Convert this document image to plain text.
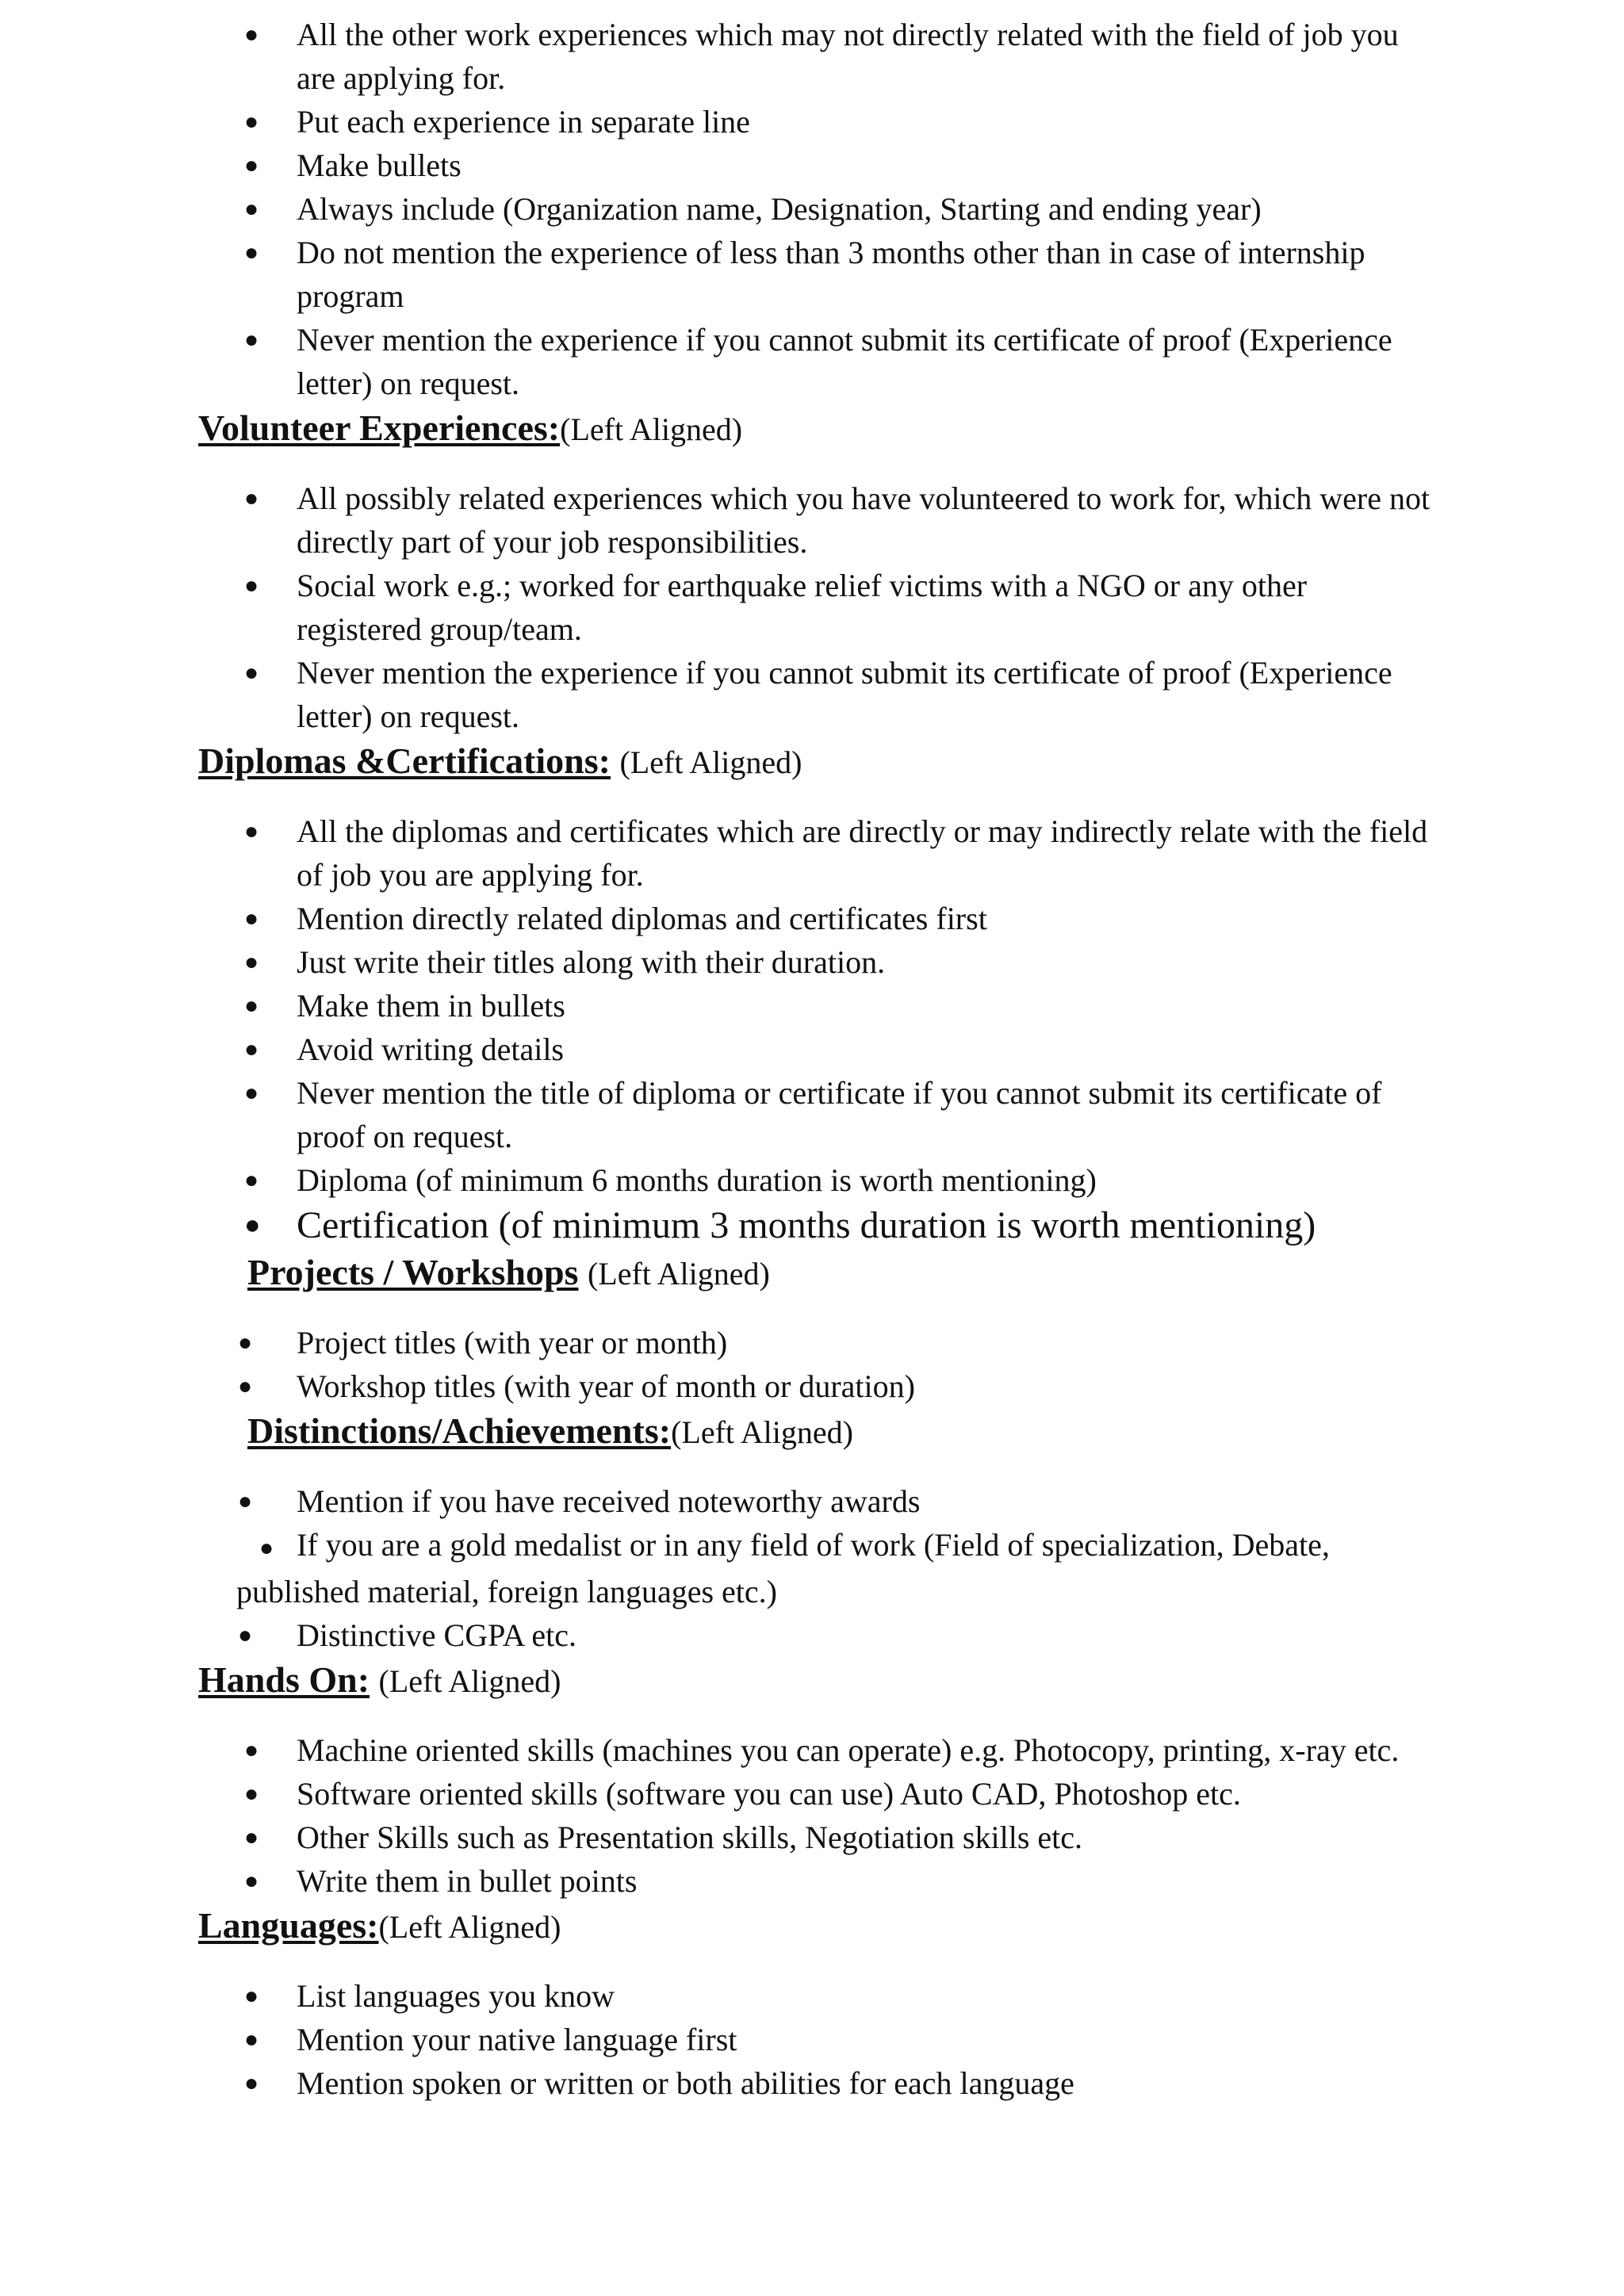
● All the other work experiences which may not directly related with the field of job you are applying for.
● Put each experience in separate line
● Make bullets
● Always include (Organization name, Designation, Starting and ending year)
● Do not mention the experience of less than 3 months other than in case of internship program
● Never mention the experience if you cannot submit its certificate of proof (Experience letter) on request.
Volunteer Experiences:(Left Aligned)
● All possibly related experiences which you have volunteered to work for, which were not directly part of your job responsibilities.
● Social work e.g.; worked for earthquake relief victims with a NGO or any other registered group/team.
● Never mention the experience if you cannot submit its certificate of proof (Experience letter) on request.
Diplomas &Certifications: (Left Aligned)
● All the diplomas and certificates which are directly or may indirectly relate with the field of job you are applying for.
● Mention directly related diplomas and certificates first
● Just write their titles along with their duration.
● Make them in bullets
● Avoid writing details
● Never mention the title of diploma or certificate if you cannot submit its certificate of proof on request.
● Diploma (of minimum 6 months duration is worth mentioning)
● Certification (of minimum 3 months duration is worth mentioning)
Projects / Workshops (Left Aligned)
● Project titles (with year or month)
● Workshop titles (with year of month or duration)
Distinctions/Achievements:(Left Aligned)
● Mention if you have received noteworthy awards
● If you are a gold medalist or in any field of work (Field of specialization, Debate, published material, foreign languages etc.)
● Distinctive CGPA etc.
Hands On: (Left Aligned)
● Machine oriented skills (machines you can operate) e.g. Photocopy, printing, x-ray etc.
● Software oriented skills (software you can use) Auto CAD, Photoshop etc.
● Other Skills such as Presentation skills, Negotiation skills etc.
● Write them in bullet points
Languages:(Left Aligned)
● List languages you know
● Mention your native language first
● Mention spoken or written or both abilities for each language
